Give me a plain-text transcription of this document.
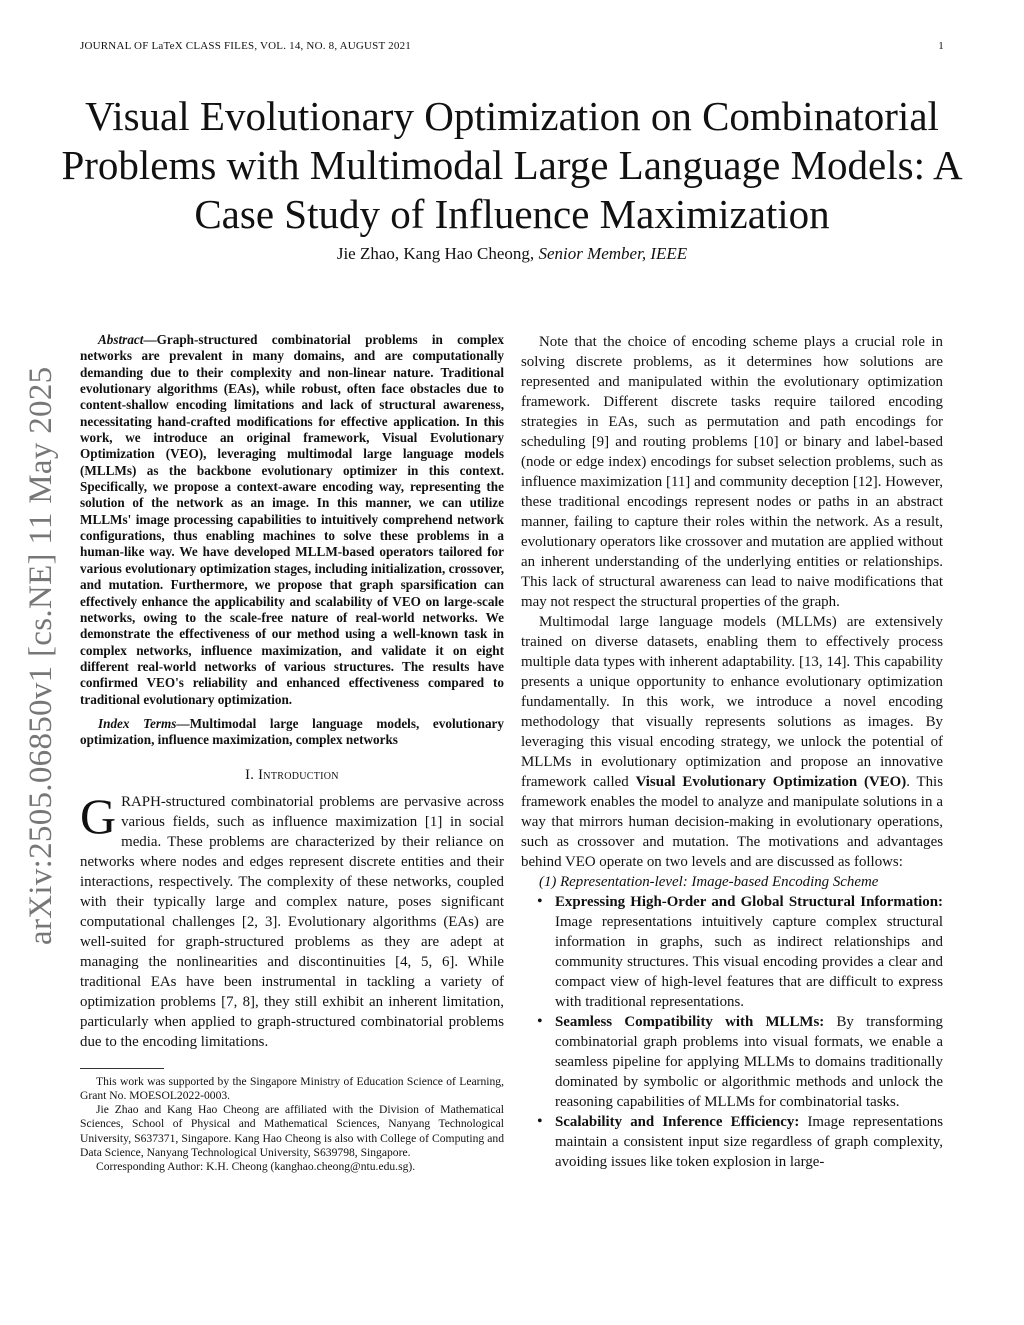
JOURNAL OF LaTeX CLASS FILES, VOL. 14, NO. 8, AUGUST 2021	1
arXiv:2505.06850v1 [cs.NE] 11 May 2025
Visual Evolutionary Optimization on Combinatorial Problems with Multimodal Large Language Models: A Case Study of Influence Maximization
Jie Zhao, Kang Hao Cheong, Senior Member, IEEE

Abstract—Graph-structured combinatorial problems in complex networks are prevalent in many domains, and are computationally demanding due to their complexity and non-linear nature. Traditional evolutionary algorithms (EAs), while robust, often face obstacles due to content-shallow encoding limitations and lack of structural awareness, necessitating hand-crafted modifications for effective application. In this work, we introduce an original framework, Visual Evolutionary Optimization (VEO), leveraging multimodal large language models (MLLMs) as the backbone evolutionary optimizer in this context. Specifically, we propose a context-aware encoding way, representing the solution of the network as an image. In this manner, we can utilize MLLMs' image processing capabilities to intuitively comprehend network configurations, thus enabling machines to solve these problems in a human-like way. We have developed MLLM-based operators tailored for various evolutionary optimization stages, including initialization, crossover, and mutation. Furthermore, we propose that graph sparsification can effectively enhance the applicability and scalability of VEO on large-scale networks, owing to the scale-free nature of real-world networks. We demonstrate the effectiveness of our method using a well-known task in complex networks, influence maximization, and validate it on eight different real-world networks of various structures. The results have confirmed VEO's reliability and enhanced effectiveness compared to traditional evolutionary optimization.

Index Terms—Multimodal large language models, evolutionary optimization, influence maximization, complex networks

I. Introduction

GRAPH-structured combinatorial problems are pervasive across various fields, such as influence maximization [1] in social media. These problems are characterized by their reliance on networks where nodes and edges represent discrete entities and their interactions, respectively. The complexity of these networks, coupled with their typically large and complex nature, poses significant computational challenges [2, 3]. Evolutionary algorithms (EAs) are well-suited for graph-structured problems as they are adept at managing the nonlinearities and discontinuities [4, 5, 6]. While traditional EAs have been instrumental in tackling a variety of optimization problems [7, 8], they still exhibit an inherent limitation, particularly when applied to graph-structured combinatorial problems due to the encoding limitations.

This work was supported by the Singapore Ministry of Education Science of Learning, Grant No. MOESOL2022-0003.

Jie Zhao and Kang Hao Cheong are affiliated with the Division of Mathematical Sciences, School of Physical and Mathematical Sciences, Nanyang Technological University, S637371, Singapore. Kang Hao Cheong is also with College of Computing and Data Science, Nanyang Technological University, S639798, Singapore.

Corresponding Author: K.H. Cheong (kanghao.cheong@ntu.edu.sg).

Note that the choice of encoding scheme plays a crucial role in solving discrete problems, as it determines how solutions are represented and manipulated within the evolutionary optimization framework. Different discrete tasks require tailored encoding strategies in EAs, such as permutation and path encodings for scheduling [9] and routing problems [10] or binary and label-based (node or edge index) encodings for subset selection problems, such as influence maximization [11] and community deception [12]. However, these traditional encodings represent nodes or paths in an abstract manner, failing to capture their roles within the network. As a result, evolutionary operators like crossover and mutation are applied without an inherent understanding of the underlying entities or relationships. This lack of structural awareness can lead to naive modifications that may not respect the structural properties of the graph.

Multimodal large language models (MLLMs) are extensively trained on diverse datasets, enabling them to effectively process multiple data types with inherent adaptability. [13, 14]. This capability presents a unique opportunity to enhance evolutionary optimization fundamentally. In this work, we introduce a novel encoding methodology that visually represents solutions as images. By leveraging this visual encoding strategy, we unlock the potential of MLLMs in evolutionary optimization and propose an innovative framework called Visual Evolutionary Optimization (VEO). This framework enables the model to analyze and manipulate solutions in a way that mirrors human decision-making in evolutionary operations, such as crossover and mutation. The motivations and advantages behind VEO operate on two levels and are discussed as follows:

(1) Representation-level: Image-based Encoding Scheme

• Expressing High-Order and Global Structural Information: Image representations intuitively capture complex structural information in graphs, such as indirect relationships and community structures. This visual encoding provides a clear and compact view of high-level features that are difficult to express with traditional representations.
• Seamless Compatibility with MLLMs: By transforming combinatorial graph problems into visual formats, we enable a seamless pipeline for applying MLLMs to domains traditionally dominated by symbolic or algorithmic methods and unlock the reasoning capabilities of MLLMs for combinatorial tasks.
• Scalability and Inference Efficiency: Image representations maintain a consistent input size regardless of graph complexity, avoiding issues like token explosion in large-
